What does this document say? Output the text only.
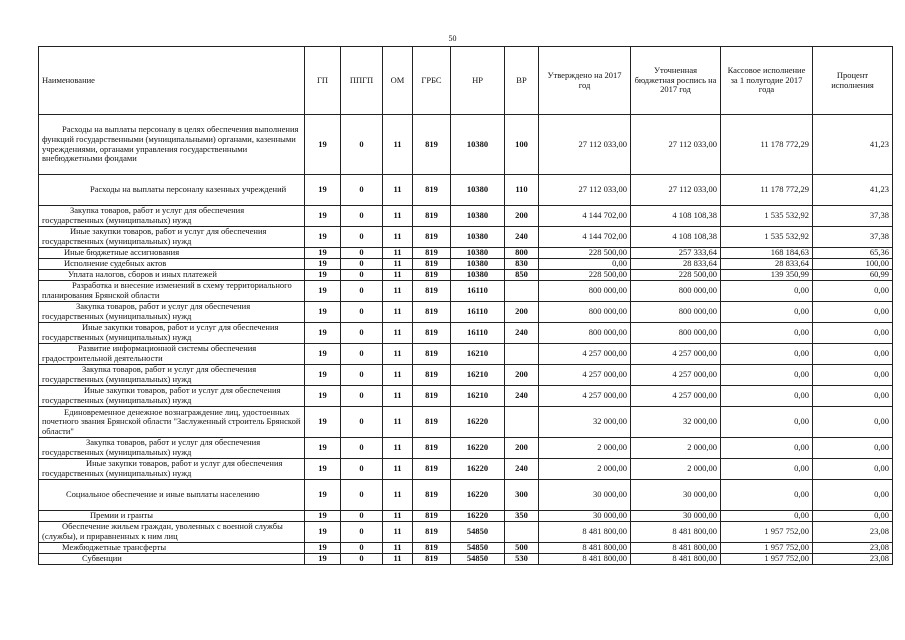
50
Наименование	ГП	ППГП	ОМ	ГРБС	НР	ВР	Утверждено на 2017 год	Уточненная бюджетная роспись на 2017 год	Кассовое исполнение за 1 полугодие 2017 года	Процент исполнения
Расходы на выплаты персоналу в целях обеспечения выполнения функций государственными (муниципальными) органами, казенными учреждениями, органами управления государственными внебюджетными фондами	19	0	11	819	10380	100	27 112 033,00	27 112 033,00	11 178 772,29	41,23
Расходы на выплаты персоналу казенных учреждений	19	0	11	819	10380	110	27 112 033,00	27 112 033,00	11 178 772,29	41,23
Закупка товаров, работ и услуг для обеспечения государственных (муниципальных) нужд	19	0	11	819	10380	200	4 144 702,00	4 108 108,38	1 535 532,92	37,38
Иные закупки товаров, работ и услуг для обеспечения государственных (муниципальных) нужд	19	0	11	819	10380	240	4 144 702,00	4 108 108,38	1 535 532,92	37,38
Иные бюджетные ассигнования	19	0	11	819	10380	800	228 500,00	257 333,64	168 184,63	65,36
Исполнение судебных актов	19	0	11	819	10380	830	0,00	28 833,64	28 833,64	100,00
Уплата налогов, сборов и иных платежей	19	0	11	819	10380	850	228 500,00	228 500,00	139 350,99	60,99
Разработка и внесение изменений в схему территориального планирования Брянской области	19	0	11	819	16110		800 000,00	800 000,00	0,00	0,00
Закупка товаров, работ и услуг для обеспечения государственных (муниципальных) нужд	19	0	11	819	16110	200	800 000,00	800 000,00	0,00	0,00
Иные закупки товаров, работ и услуг для обеспечения государственных (муниципальных) нужд	19	0	11	819	16110	240	800 000,00	800 000,00	0,00	0,00
Развитие информационной системы обеспечения градостроительной деятельности	19	0	11	819	16210		4 257 000,00	4 257 000,00	0,00	0,00
Закупка товаров, работ и услуг для обеспечения государственных (муниципальных) нужд	19	0	11	819	16210	200	4 257 000,00	4 257 000,00	0,00	0,00
Иные закупки товаров, работ и услуг для обеспечения государственных (муниципальных) нужд	19	0	11	819	16210	240	4 257 000,00	4 257 000,00	0,00	0,00
Единовременное денежное вознаграждение лиц, удостоенных почетного звания Брянской области "Заслуженный строитель Брянской области"	19	0	11	819	16220		32 000,00	32 000,00	0,00	0,00
Закупка товаров, работ и услуг для обеспечения государственных (муниципальных) нужд	19	0	11	819	16220	200	2 000,00	2 000,00	0,00	0,00
Иные закупки товаров, работ и услуг для обеспечения государственных (муниципальных) нужд	19	0	11	819	16220	240	2 000,00	2 000,00	0,00	0,00
Социальное обеспечение и иные выплаты населению	19	0	11	819	16220	300	30 000,00	30 000,00	0,00	0,00
Премии и гранты	19	0	11	819	16220	350	30 000,00	30 000,00	0,00	0,00
Обеспечение жильем граждан, уволенных с военной службы (службы), и приравненных к ним лиц	19	0	11	819	54850		8 481 800,00	8 481 800,00	1 957 752,00	23,08
Межбюджетные трансферты	19	0	11	819	54850	500	8 481 800,00	8 481 800,00	1 957 752,00	23,08
Субвенции	19	0	11	819	54850	530	8 481 800,00	8 481 800,00	1 957 752,00	23,08
